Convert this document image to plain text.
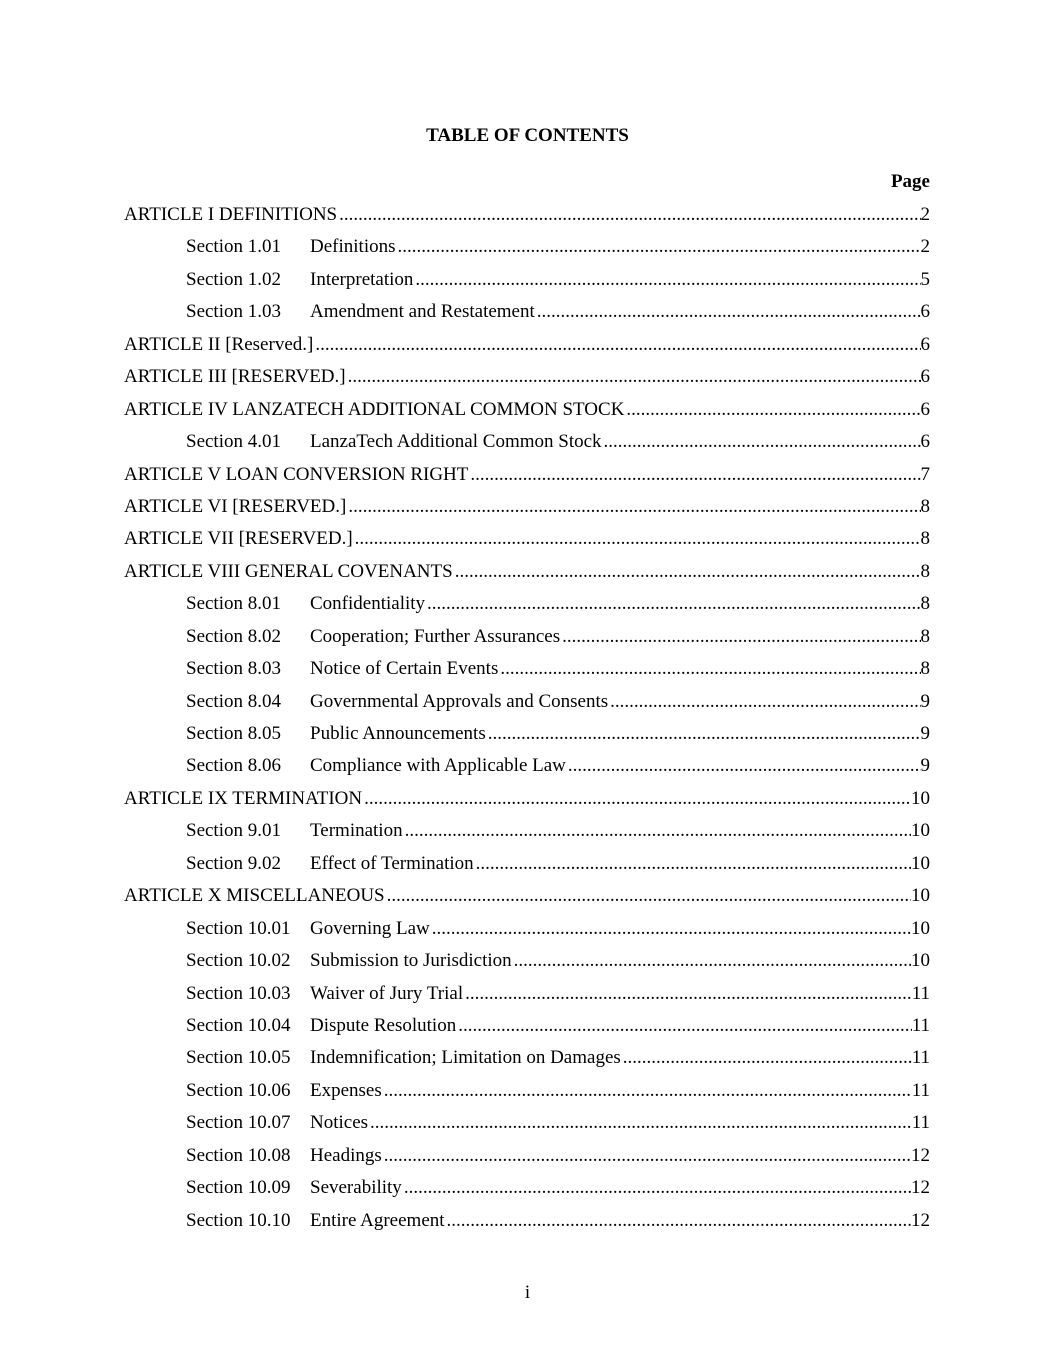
TABLE OF CONTENTS
Page
ARTICLE I DEFINITIONS .....	2
Section 1.01	Definitions .....	2
Section 1.02	Interpretation .....	5
Section 1.03	Amendment and Restatement .....	6
ARTICLE II [Reserved.] .....	6
ARTICLE III [RESERVED.] .....	6
ARTICLE IV LANZATECH ADDITIONAL COMMON STOCK .....	6
Section 4.01	LanzaTech Additional Common Stock .....	6
ARTICLE V LOAN CONVERSION RIGHT .....	7
ARTICLE VI [RESERVED.] .....	8
ARTICLE VII [RESERVED.] .....	8
ARTICLE VIII GENERAL COVENANTS .....	8
Section 8.01	Confidentiality .....	8
Section 8.02	Cooperation; Further Assurances .....	8
Section 8.03	Notice of Certain Events .....	8
Section 8.04	Governmental Approvals and Consents .....	9
Section 8.05	Public Announcements .....	9
Section 8.06	Compliance with Applicable Law .....	9
ARTICLE IX TERMINATION .....	10
Section 9.01	Termination .....	10
Section 9.02	Effect of Termination .....	10
ARTICLE X MISCELLANEOUS .....	10
Section 10.01	Governing Law .....	10
Section 10.02	Submission to Jurisdiction .....	10
Section 10.03	Waiver of Jury Trial .....	11
Section 10.04	Dispute Resolution .....	11
Section 10.05	Indemnification; Limitation on Damages .....	11
Section 10.06	Expenses .....	11
Section 10.07	Notices .....	11
Section 10.08	Headings .....	12
Section 10.09	Severability .....	12
Section 10.10	Entire Agreement .....	12
i
